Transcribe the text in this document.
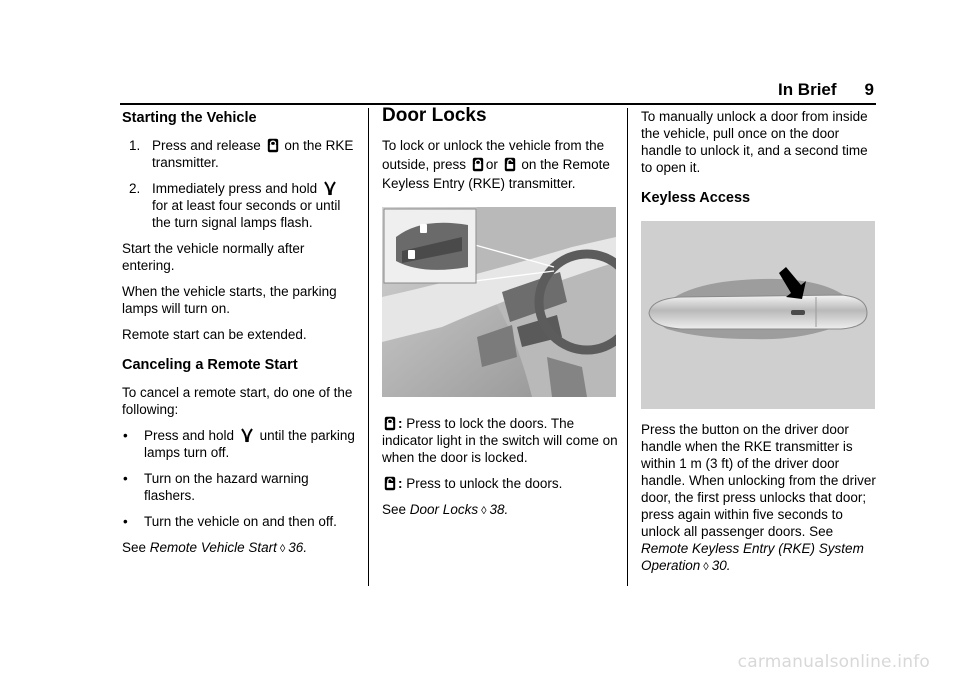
In Brief 9
Starting the Vehicle
1. Press and release on the RKE transmitter.
2. Immediately press and hold  for at least four seconds or until the turn signal lamps flash.

Start the vehicle normally after entering.

When the vehicle starts, the parking lamps will turn on.

Remote start can be extended.

Canceling a Remote Start

To cancel a remote start, do one of the following:

• Press and hold until the parking lamps turn off.
• Turn on the hazard warning flashers.
• Turn the vehicle on and then off.

See Remote Vehicle Start ◊ 36.

Door Locks

To lock or unlock the vehicle from the outside, press or on the Remote Keyless Entry (RKE) transmitter.

: Press to lock the doors. The indicator light in the switch will come on when the door is locked.

: Press to unlock the doors.

See Door Locks ◊ 38.

To manually unlock a door from inside the vehicle, pull once on the door handle to unlock it, and a second time to open it.

Keyless Access

Press the button on the driver door handle when the RKE transmitter is within 1 m (3 ft) of the driver door handle. When unlocking from the driver door, the first press unlocks that door; press again within five seconds to unlock all passenger doors. See Remote Keyless Entry (RKE) System Operation ◊ 30.

carmanualsonline.info
